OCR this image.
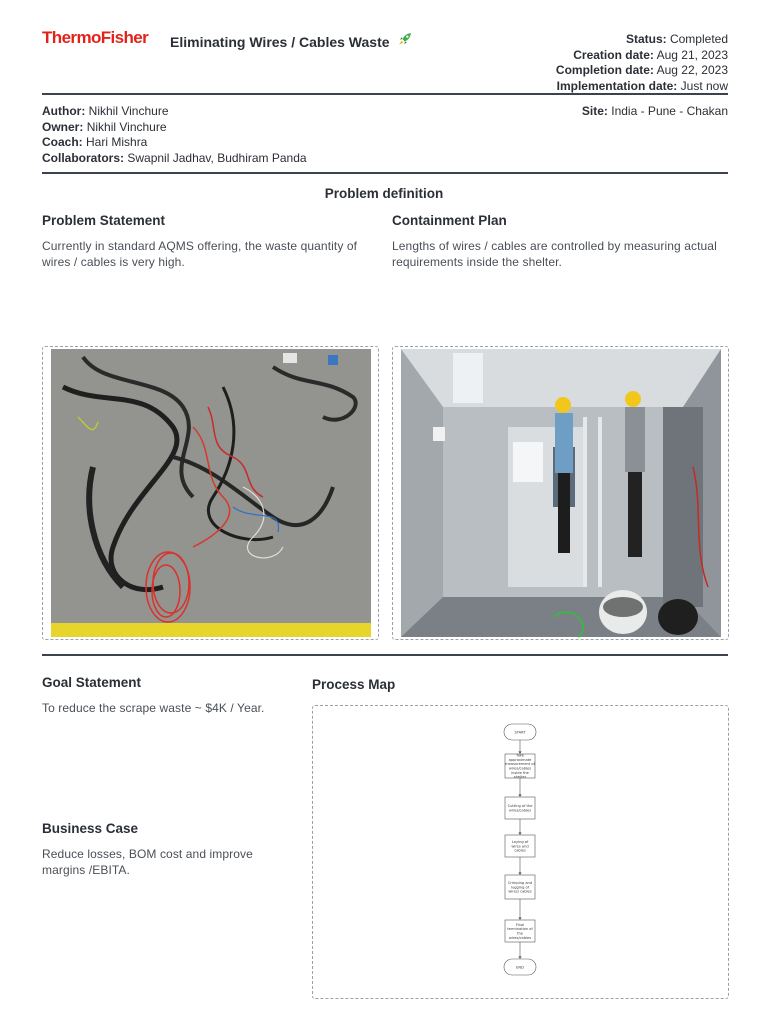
ThermoFisher Eliminating Wires / Cables Waste	Status: Completed
Creation date: Aug 21, 2023
Completion date: Aug 22, 2023
Implementation date: Just now
Author: Nikhil Vinchure
Owner: Nikhil Vinchure
Coach: Hari Mishra
Collaborators: Swapnil Jadhav, Budhiram Panda
Site: India - Pune - Chakan
Problem definition
Problem Statement
Currently in standard AQMS offering, the waste quantity of wires / cables is very high.
Containment Plan
Lengths of wires / cables are controlled by measuring actual requirements inside the shelter.
Goal Statement
To reduce the scrape waste ~ $4K / Year.
Business Case
Reduce losses, BOM cost and improve margins /EBITA.
Process Map
START
Take
approximate
measurement of
wires/cables
inside the
shelter
Cutting of the
wires/cables
Laying of
wires and
cables
Crimping and
lugging of
wires/ cables
Final
termination of
the
wires/cables
END
